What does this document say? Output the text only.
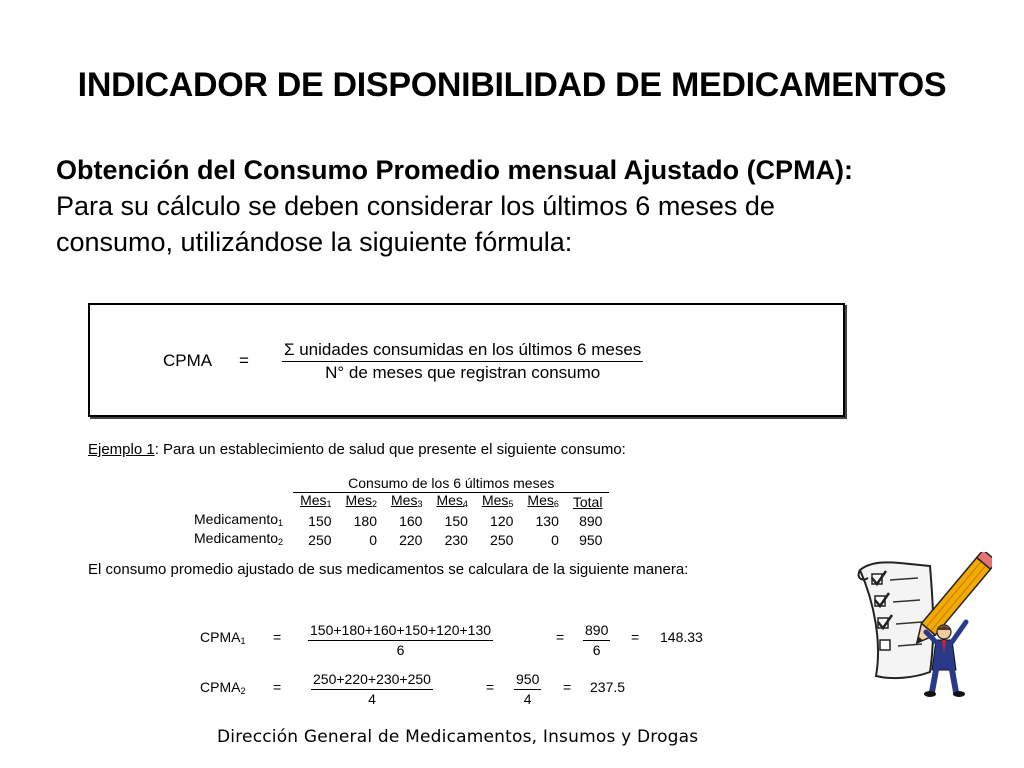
INDICADOR DE DISPONIBILIDAD DE MEDICAMENTOS
Obtención del Consumo Promedio mensual Ajustado (CPMA):
Para su cálculo se deben considerar los últimos 6 meses de
consumo, utilizándose la siguiente fórmula:
CPMA =
Σ unidades consumidas en los últimos 6 meses
N° de meses que registran consumo
Ejemplo 1: Para un establecimiento de salud que presente el siguiente consumo:
	Consumo de los 6 últimos meses						
	Mes$_1$	Mes$_2$	Mes$_3$	Mes$_4$	Mes$_5$	Mes$_6$	Total
Medicamento$_1$	150	180	160	150	120	130	890
Medicamento$_2$	250	0	220	230	250	0	950
El consumo promedio ajustado de sus medicamentos se calculara de la siguiente manera:
$CPMA_1 = \frac{150+180+160+150+120+130}{6}$	= $\frac{890}{6} = 148.33$
$CPMA_2 = \frac{250+220+230+250}{4}$	= $\frac{950}{4} = 237.5$
Dirección General de Medicamentos, Insumos y Drogas
